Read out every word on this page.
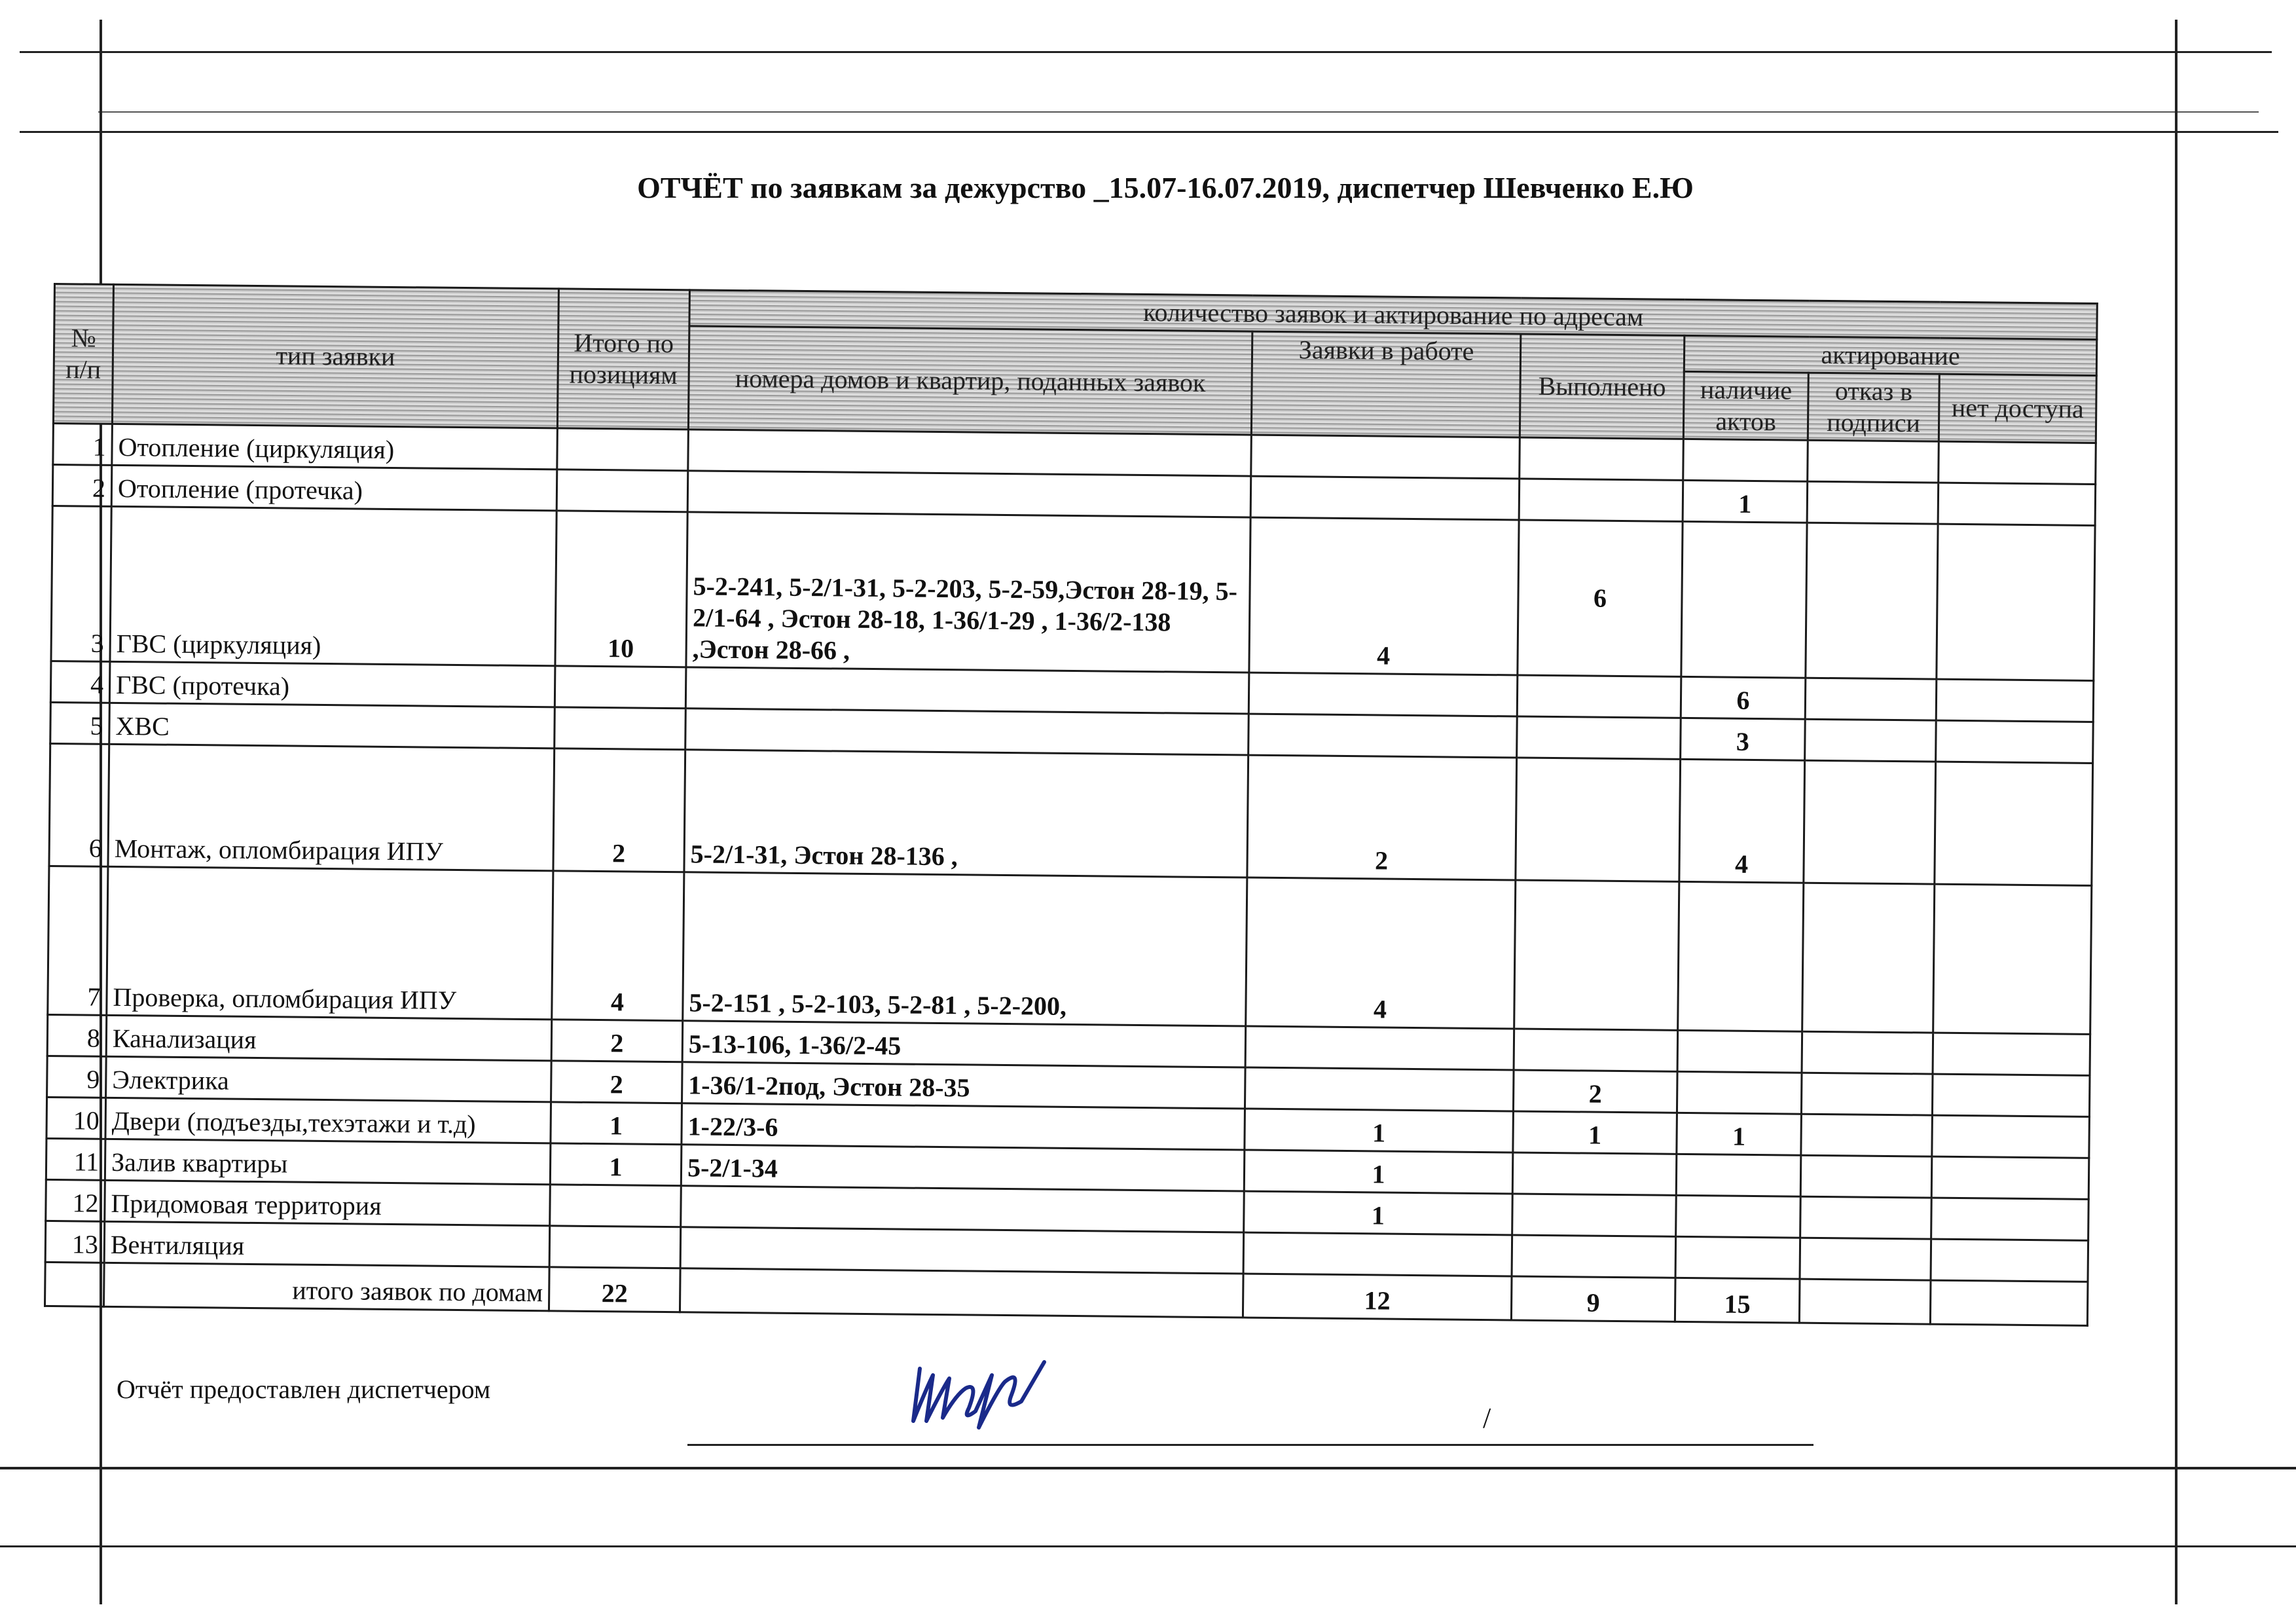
ОТЧЁТ по заявкам за дежурство _15.07-16.07.2019, диспетчер Шевченко Е.Ю
№ п/п	тип заявки	Итого по позициям	количество заявок и актирование по адресам					
			номера домов и квартир, поданных заявок	Заявки в работе	Выполнено	актирование		
						наличие актов	отказ в подписи	нет доступа
1	Отопление (циркуляция)							
2	Отопление (протечка)					1		
3	ГВС (циркуляция)	10	5-2-241, 5-2/1-31, 5-2-203, 5-2-59,Эстон 28-19, 5-2/1-64 , Эстон 28-18, 1-36/1-29 , 1-36/2-138 ,Эстон 28-66 ,	4	6			
4	ГВС (протечка)					6		
5	ХВС					3		
6	Монтаж, опломбирация ИПУ	2	5-2/1-31, Эстон 28-136 ,	2		4		
7	Проверка, опломбирация ИПУ	4	5-2-151 , 5-2-103, 5-2-81 , 5-2-200,	4				
8	Канализация	2	5-13-106, 1-36/2-45					
9	Электрика	2	1-36/1-2под, Эстон 28-35		2			
10	Двери (подъезды,техэтажи и т.д)	1	1-22/3-6	1	1	1		
11	Залив квартиры	1	5-2/1-34	1				
12	Придомовая территория			1				
13	Вентиляция							
	итого заявок по домам	22		12	9	15		
Отчёт предоставлен диспетчером
/
